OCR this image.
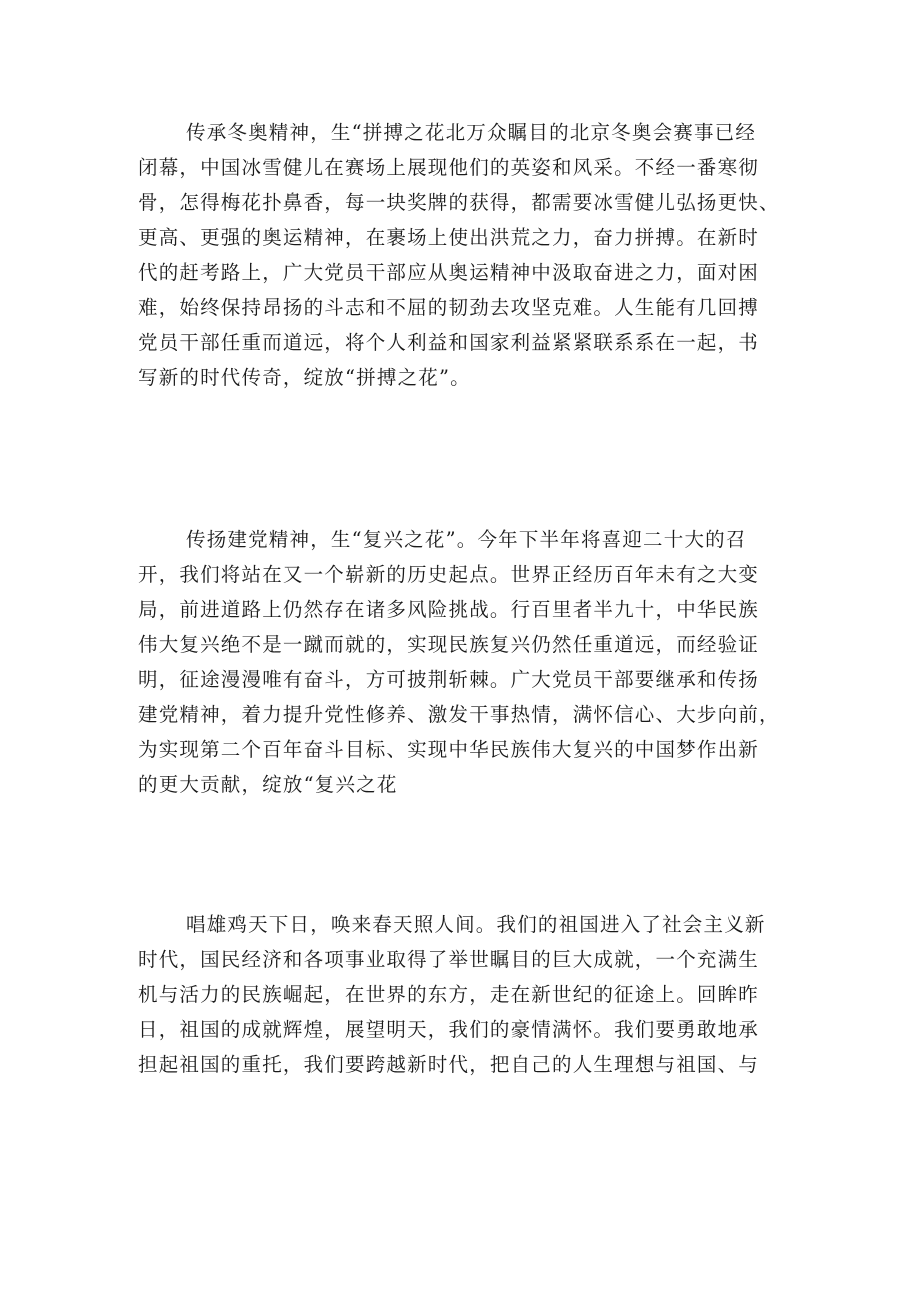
传承冬奥精神，生“拼搏之花北万众瞩目的北京冬奥会赛事已经
闭幕，中国冰雪健儿在赛场上展现他们的英姿和风采。不经一番寒彻
骨，怎得梅花扑鼻香，每一块奖牌的获得，都需要冰雪健儿弘扬更快、
更高、更强的奥运精神，在裹场上使出洪荒之力，奋力拼搏。在新时
代的赶考路上，广大党员干部应从奥运精神中汲取奋进之力，面对困
难，始终保持昂扬的斗志和不屈的韧劲去攻坚克难。人生能有几回搏
党员干部任重而道远，将个人利益和国家利益紧紧联系系在一起，书
写新的时代传奇，绽放“拼搏之花”。
传扬建党精神，生“复兴之花”。今年下半年将喜迎二十大的召
开，我们将站在又一个崭新的历史起点。世界正经历百年未有之大变
局，前进道路上仍然存在诸多风险挑战。行百里者半九十，中华民族
伟大复兴绝不是一蹴而就的，实现民族复兴仍然任重道远，而经验证
明，征途漫漫唯有奋斗，方可披荆斩棘。广大党员干部要继承和传扬
建党精神，着力提升党性修养、激发干事热情，满怀信心、大步向前，
为实现第二个百年奋斗目标、实现中华民族伟大复兴的中国梦作出新
的更大贡献，绽放“复兴之花
唱雄鸡天下日，唤来春天照人间。我们的祖国进入了社会主义新
时代，国民经济和各项事业取得了举世瞩目的巨大成就，一个充满生
机与活力的民族崛起，在世界的东方，走在新世纪的征途上。回眸昨
日，祖国的成就辉煌，展望明天，我们的豪情满怀。我们要勇敢地承
担起祖国的重托，我们要跨越新时代，把自己的人生理想与祖国、与
